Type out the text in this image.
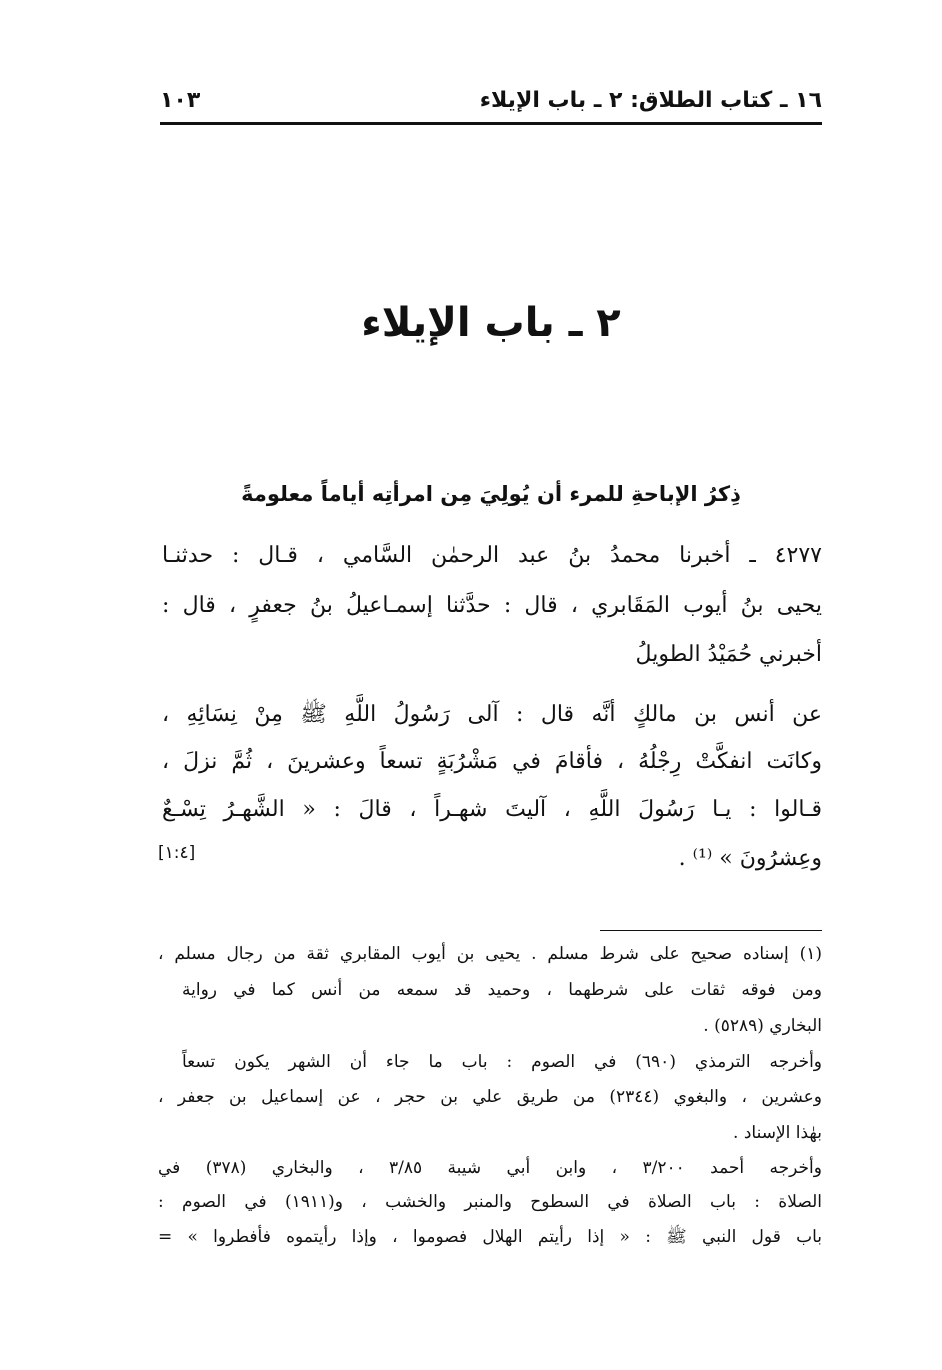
١٦ ـ كتاب الطلاق: ٢ ـ باب الإيلاء
١٠٣
٢ ـ باب الإيلاء
ذِكرُ الإباحةِ للمرء أن يُولِيَ مِن امرأتِه أياماً معلومةً
٤٢٧٧ ـ أخبرنا محمدُ بنُ عبد الرحمٰن السَّامي ، قـال : حدثنـا
يحيى بنُ أيوب المَقَابري ، قال : حدَّثنا إسمـاعيلُ بنُ جعفرٍ ، قال :
أخبرني حُمَيْدُ الطويلُ
عن أنس بن مالكٍ أنَّه قال : آلى رَسُولُ اللَّهِ ﷺ مِنْ نِسَائِهِ ،
وكانَت انفكَّتْ رِجْلُهُ ، فأقامَ في مَشْرُبَةٍ تسعاً وعشرينَ ، ثُمَّ نزلَ ،
قـالوا : يـا رَسُولَ اللَّهِ ، آليتَ شهـراً ، قالَ : « الشَّهـرُ تِسْـعٌ
وعِشرُونَ » ⁽¹⁾ .
[١:٤]
(١) إسناده صحيح على شرط مسلم . يحيى بن أيوب المقابري ثقة من رجال مسلم ،
ومن فوقه ثقات على شرطهما ، وحميد قد سمعه من أنس كما في رواية
البخاري (٥٢٨٩) .
وأخرجه الترمذي (٦٩٠) في الصوم : باب ما جاء أن الشهر يكون تسعاً
وعشرين ، والبغوي (٢٣٤٤) من طريق علي بن حجر ، عن إسماعيل بن جعفر ،
بهٰذا الإسناد .
وأخرجه أحمد ٣/٢٠٠ ، وابن أبي شيبة ٣/٨٥ ، والبخاري (٣٧٨) في
الصلاة : باب الصلاة في السطوح والمنبر والخشب ، و(١٩١١) في الصوم :
باب قول النبي ﷺ : « إذا رأيتم الهلال فصوموا ، وإذا رأيتموه فأفطروا » =
